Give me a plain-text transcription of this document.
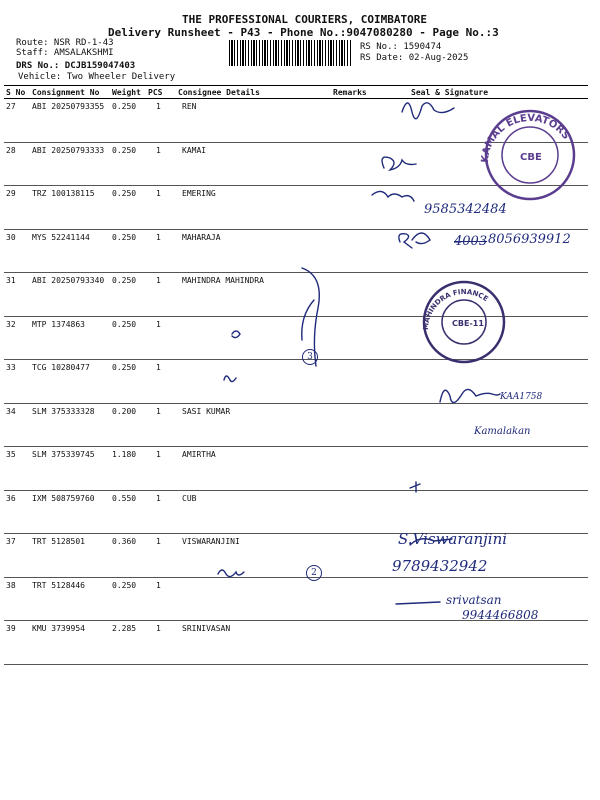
THE PROFESSIONAL COURIERS, COIMBATORE
Delivery Runsheet - P43 - Phone No.:9047080280 - Page No.:3
Route: NSR RD-1-43
Staff: AMSALAKSHMI
DRS No.: DCJB159047403
Vehicle: Two Wheeler Delivery
RS No.: 1590474
RS Date: 02-Aug-2025
S No	Consignment No	Weight	PCS	Consignee Details	Remarks	Seal & Signature
27	ABI 20250793355	0.250	1	REN		
28	ABI 20250793333	0.250	1	KAMAI		
29	TRZ 100138115	0.250	1	EMERING		
30	MYS 52241144	0.250	1	MAHARAJA		
31	ABI 20250793340	0.250	1	MAHINDRA MAHINDRA		
32	MTP 1374863	0.250	1			
33	TCG 10280477	0.250	1			
34	SLM 375333328	0.200	1	SASI KUMAR		
35	SLM 375339745	1.180	1	AMIRTHA		
36	IXM 508759760	0.550	1	CUB		
37	TRT 5128501	0.360	1	VISWARANJINI		
38	TRT 5128446	0.250	1			
39	KMU 3739954	2.285	1	SRINIVASAN		
KAMAL ELEVATORS
CBE
MAHINDRA FINANCE
CBE-11
9585342484
4003 8056939912
KAA1758
Kamalakan
S.Viswaranjini
9789432942
srivatsan
9944466808
3
2
